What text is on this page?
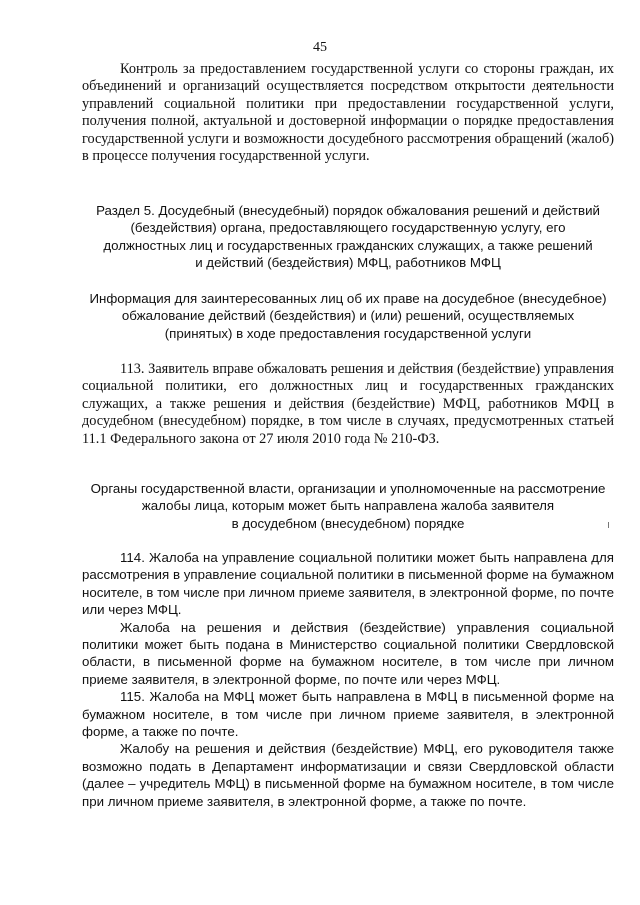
45

Контроль за предоставлением государственной услуги со стороны граждан, их объединений и организаций осуществляется посредством открытости деятельности управлений социальной политики при предоставлении государственной услуги, получения полной, актуальной и достоверной информации о порядке предоставления государственной услуги и возможности досудебного рассмотрения обращений (жалоб) в процессе получения государственной услуги.

Раздел 5. Досудебный (внесудебный) порядок обжалования решений и действий
(бездействия) органа, предоставляющего государственную услугу, его
должностных лиц и государственных гражданских служащих, а также решений
и действий (бездействия) МФЦ, работников МФЦ
Информация для заинтересованных лиц об их праве на досудебное (внесудебное)
обжалование действий (бездействия) и (или) решений, осуществляемых
(принятых) в ходе предоставления государственной услуги

113. Заявитель вправе обжаловать решения и действия (бездействие) управления социальной политики, его должностных лиц и государственных гражданских служащих, а также решения и действия (бездействие) МФЦ, работников МФЦ в досудебном (внесудебном) порядке, в том числе в случаях, предусмотренных статьей 11.1 Федерального закона от 27 июля 2010 года № 210-ФЗ.

Органы государственной власти, организации и уполномоченные на рассмотрение
жалобы лица, которым может быть направлена жалоба заявителя
в досудебном (внесудебном) порядке

114. Жалоба на управление социальной политики может быть направлена для рассмотрения в управление социальной политики в письменной форме на бумажном носителе, в том числе при личном приеме заявителя, в электронной форме, по почте или через МФЦ.

Жалоба на решения и действия (бездействие) управления социальной политики может быть подана в Министерство социальной политики Свердловской области, в письменной форме на бумажном носителе, в том числе при личном приеме заявителя, в электронной форме, по почте или через МФЦ.

115. Жалоба на МФЦ может быть направлена в МФЦ в письменной форме на бумажном носителе, в том числе при личном приеме заявителя, в электронной форме, а также по почте.

Жалобу на решения и действия (бездействие) МФЦ, его руководителя также возможно подать в Департамент информатизации и связи Свердловской области (далее – учредитель МФЦ) в письменной форме на бумажном носителе, в том числе при личном приеме заявителя, в электронной форме, а также по почте.
